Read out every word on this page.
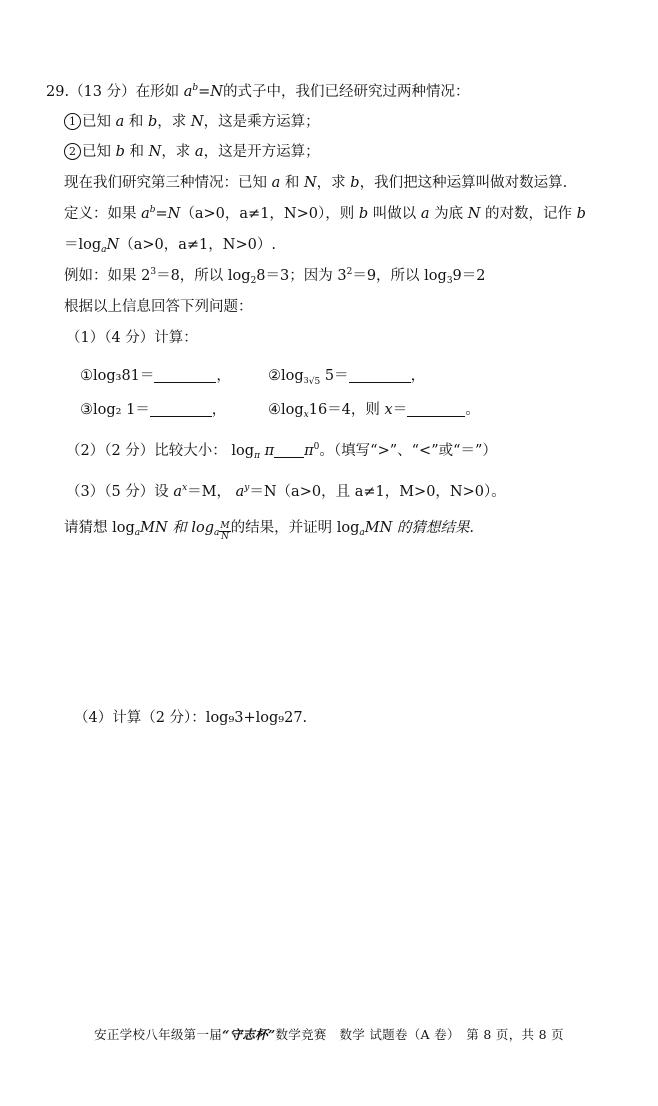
29.（13 分）在形如 $a^b=N$的式子中，我们已经研究过两种情况：
1 已知 a 和 b，求 N，这是乘方运算；
2 已知 b 和 N，求 a，这是开方运算；
现在我们研究第三种情况：已知 a 和 N，求 b，我们把这种运算叫做对数运算.
定义：如果 $a^b=N(a>0$，a≠1，N>0），则 b 叫做以 a 为底 N 的对数，记作 b
$=\log_aN(a>0$，a≠1，N>0）.
例如：如果 $2^3=8$，所以 $\log_28=3$；因为 $3^2=9$，所以 $\log_39=2$
根据以上信息回答下列问题：
（1）（4 分）计算：
①log₃81＝	，	$②\log_{3√5}$ 5＝	，
③log₂ 1＝	，	$④\log_x16=4$，则 x＝	。
（2）（2 分）比较大小： $\log_\pi \pi$ $\pi^0$。（填写“>”、“<”或“＝”）
（3）（5 分）设 $a^x=M$， $a^y=N(a>0$，且 a≠1，M>0，N>0）。
请猜想 $\log_aMN$ 和 $\log_a \frac{M}{N}$ 的结果，并证明 $\log_aMN$ 的猜想结果.
（4）计算（2 分）：log₉3+log₉27.
安正学校八年级第一届“守志杯”数学竞赛　数学 试题卷（A 卷）　第 8 页，共 8 页
